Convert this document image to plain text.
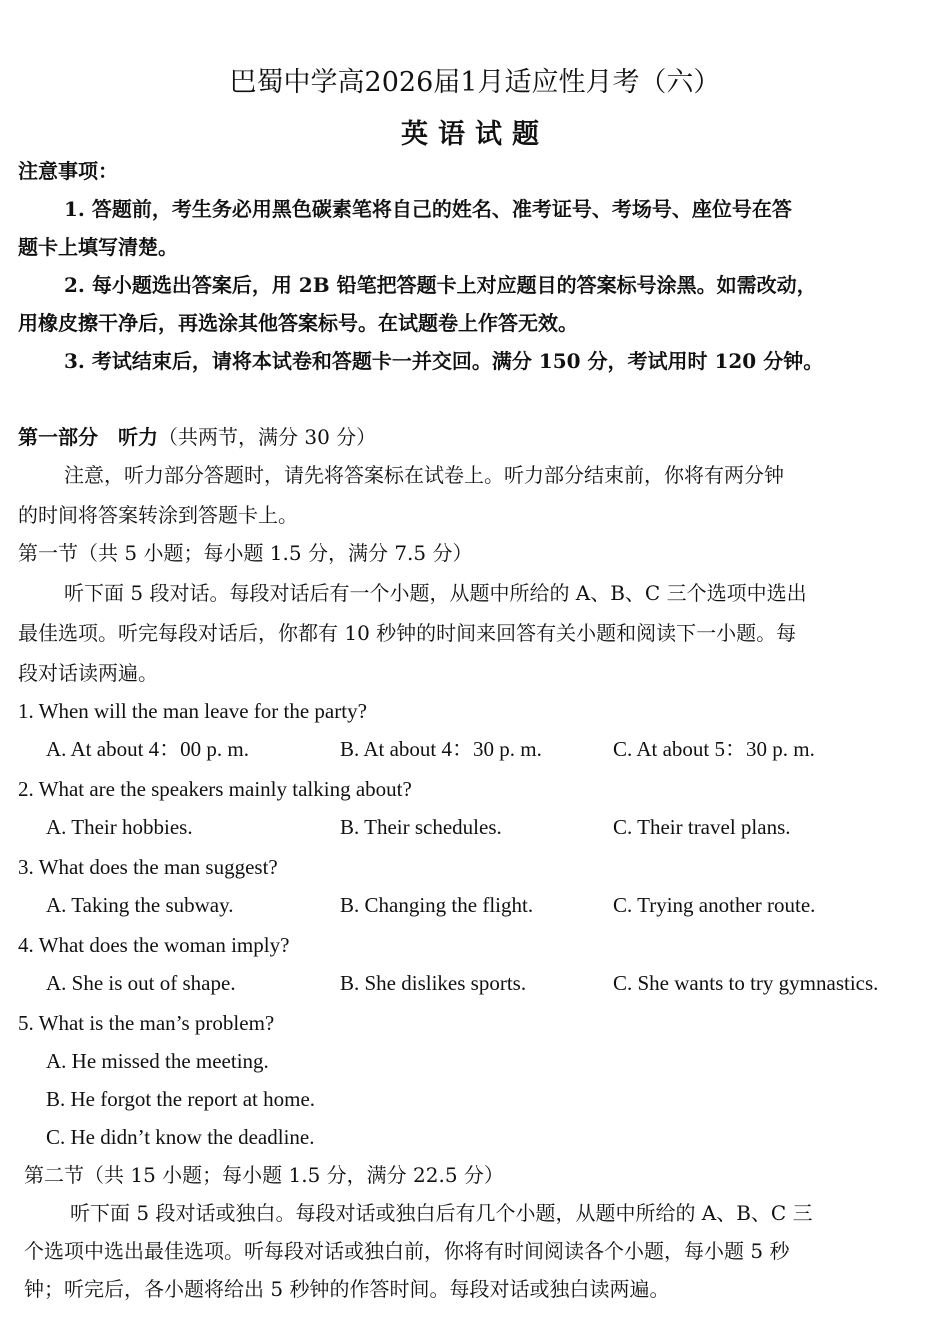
巴蜀中学高2026届1月适应性月考（六）
英语试题
注意事项：
1. 答题前，考生务必用黑色碳素笔将自己的姓名、准考证号、考场号、座位号在答
题卡上填写清楚。
2. 每小题选出答案后，用 2B 铅笔把答题卡上对应题目的答案标号涂黑。如需改动，
用橡皮擦干净后，再选涂其他答案标号。在试题卷上作答无效。
3. 考试结束后，请将本试卷和答题卡一并交回。满分 150 分，考试用时 120 分钟。
第一部分　听力（共两节，满分 30 分）
注意，听力部分答题时，请先将答案标在试卷上。听力部分结束前，你将有两分钟
的时间将答案转涂到答题卡上。
第一节（共 5 小题；每小题 1.5 分，满分 7.5 分）
听下面 5 段对话。每段对话后有一个小题，从题中所给的 A、B、C 三个选项中选出
最佳选项。听完每段对话后，你都有 10 秒钟的时间来回答有关小题和阅读下一小题。每
段对话读两遍。
1. When will the man leave for the party?
A. At about 4：00 p. m.	B. At about 4：30 p. m.	C. At about 5：30 p. m.
2. What are the speakers mainly talking about?
A. Their hobbies.	B. Their schedules.	C. Their travel plans.
3. What does the man suggest?
A. Taking the subway.	B. Changing the flight.	C. Trying another route.
4. What does the woman imply?
A. She is out of shape.	B. She dislikes sports.	C. She wants to try gymnastics.
5. What is the man’s problem?
A. He missed the meeting.
B. He forgot the report at home.
C. He didn’t know the deadline.
第二节（共 15 小题；每小题 1.5 分，满分 22.5 分）
听下面 5 段对话或独白。每段对话或独白后有几个小题，从题中所给的 A、B、C 三
个选项中选出最佳选项。听每段对话或独白前，你将有时间阅读各个小题，每小题 5 秒
钟；听完后，各小题将给出 5 秒钟的作答时间。每段对话或独白读两遍。
